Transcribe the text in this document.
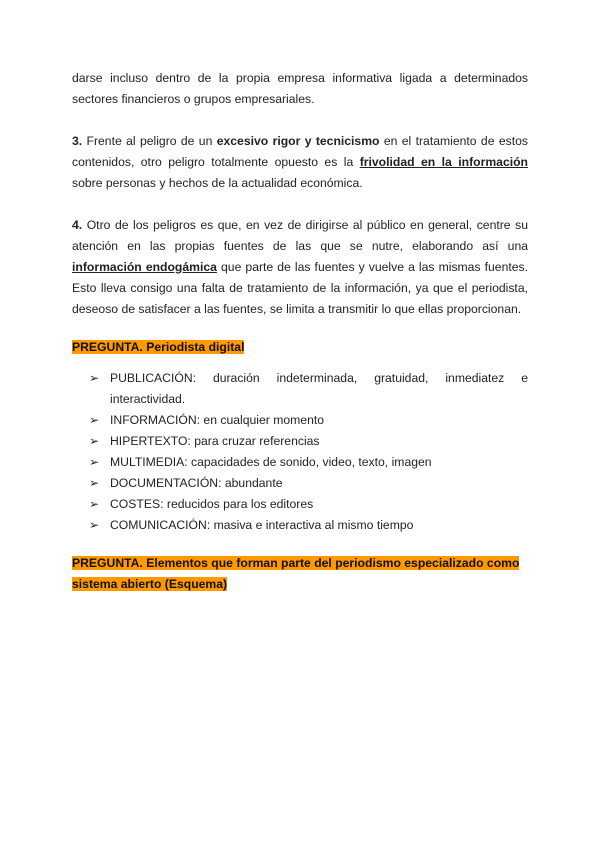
darse incluso dentro de la propia empresa informativa ligada a determinados sectores financieros o grupos empresariales.

3. Frente al peligro de un excesivo rigor y tecnicismo en el tratamiento de estos contenidos, otro peligro totalmente opuesto es la frivolidad en la información sobre personas y hechos de la actualidad económica.

4. Otro de los peligros es que, en vez de dirigirse al público en general, centre su atención en las propias fuentes de las que se nutre, elaborando así una información endogámica que parte de las fuentes y vuelve a las mismas fuentes. Esto lleva consigo una falta de tratamiento de la información, ya que el periodista, deseoso de satisfacer a las fuentes, se limita a transmitir lo que ellas proporcionan.

PREGUNTA. Periodista digital

➢ PUBLICACIÓN: duración indeterminada, gratuidad, inmediatez e interactividad.
➢ INFORMACIÓN: en cualquier momento
➢ HIPERTEXTO: para cruzar referencias
➢ MULTIMEDIA: capacidades de sonido, video, texto, imagen
➢ DOCUMENTACIÓN: abundante
➢ COSTES: reducidos para los editores
➢ COMUNICACIÓN: masiva e interactiva al mismo tiempo

PREGUNTA. Elementos que forman parte del periodismo especializado como sistema abierto (Esquema)
